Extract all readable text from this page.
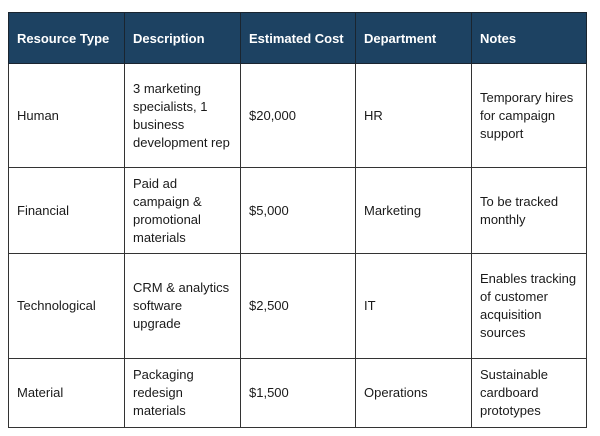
Resource Type	Description	Estimated Cost	Department	Notes
Human	3 marketing specialists, 1 business development rep	$20,000	HR	Temporary hires for campaign support
Financial	Paid ad campaign & promotional materials	$5,000	Marketing	To be tracked monthly
Technological	CRM & analytics software upgrade	$2,500	IT	Enables tracking of customer acquisition sources
Material	Packaging redesign materials	$1,500	Operations	Sustainable cardboard prototypes
